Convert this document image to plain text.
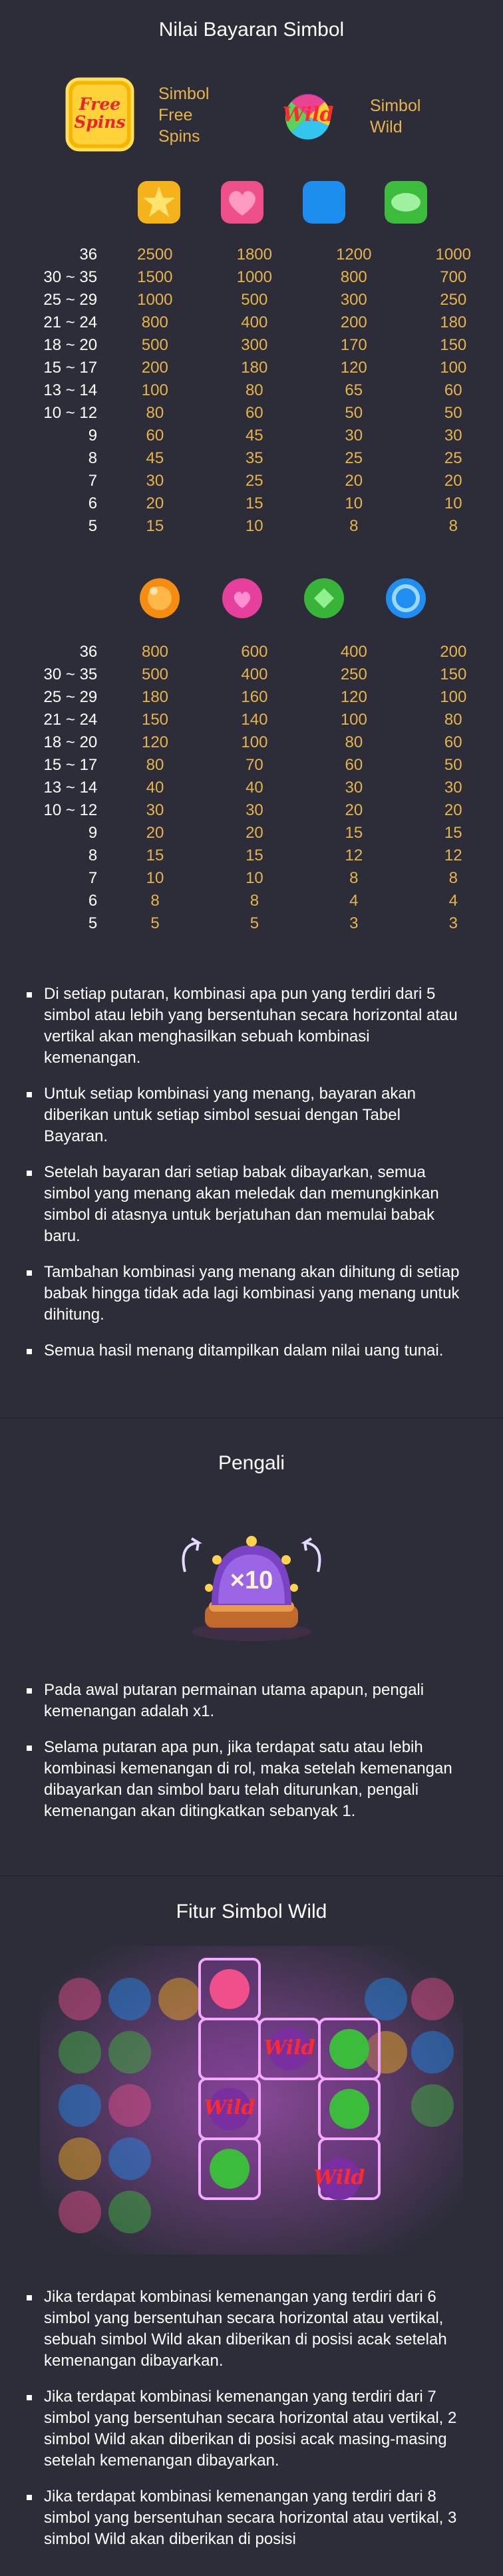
Nilai Bayaran Simbol
Free Spins
Simbol Free Spins
Wild	Simbol Wild
36	2500	1800	1200	1000
30 ~ 35	1500	1000	800	700
25 ~ 29	1000	500	300	250
21 ~ 24	800	400	200	180
18 ~ 20	500	300	170	150
15 ~ 17	200	180	120	100
13 ~ 14	100	80	65	60
10 ~ 12	80	60	50	50
9	60	45	30	30
8	45	35	25	25
7	30	25	20	20
6	20	15	10	10
5	15	10	8	8
36	800	600	400	200
30 ~ 35	500	400	250	150
25 ~ 29	180	160	120	100
21 ~ 24	150	140	100	80
18 ~ 20	120	100	80	60
15 ~ 17	80	70	60	50
13 ~ 14	40	40	30	30
10 ~ 12	30	30	20	20
9	20	20	15	15
8	15	15	12	12
7	10	10	8	8
6	8	8	4	4
5	5	5	3	3
Di setiap putaran, kombinasi apa pun yang terdiri dari 5 simbol atau lebih yang bersentuhan secara horizontal atau vertikal akan menghasilkan sebuah kombinasi kemenangan.
Untuk setiap kombinasi yang menang, bayaran akan diberikan untuk setiap simbol sesuai dengan Tabel Bayaran.
Setelah bayaran dari setiap babak dibayarkan, semua simbol yang menang akan meledak dan memungkinkan simbol di atasnya untuk berjatuhan dan memulai babak baru.
Tambahan kombinasi yang menang akan dihitung di setiap babak hingga tidak ada lagi kombinasi yang menang untuk dihitung.
Semua hasil menang ditampilkan dalam nilai uang tunai.
Pengali
×10
Pada awal putaran permainan utama apapun, pengali kemenangan adalah x1.
Selama putaran apa pun, jika terdapat satu atau lebih kombinasi kemenangan di rol, maka setelah kemenangan dibayarkan dan simbol baru telah diturunkan, pengali kemenangan akan ditingkatkan sebanyak 1.
Fitur Simbol Wild
Wild
Wild
Wild
Jika terdapat kombinasi kemenangan yang terdiri dari 6 simbol yang bersentuhan secara horizontal atau vertikal, sebuah simbol Wild akan diberikan di posisi acak setelah kemenangan dibayarkan.
Jika terdapat kombinasi kemenangan yang terdiri dari 7 simbol yang bersentuhan secara horizontal atau vertikal, 2 simbol Wild akan diberikan di posisi acak masing-masing setelah kemenangan dibayarkan.
Jika terdapat kombinasi kemenangan yang terdiri dari 8 simbol yang bersentuhan secara horizontal atau vertikal, 3 simbol Wild akan diberikan di posisi
